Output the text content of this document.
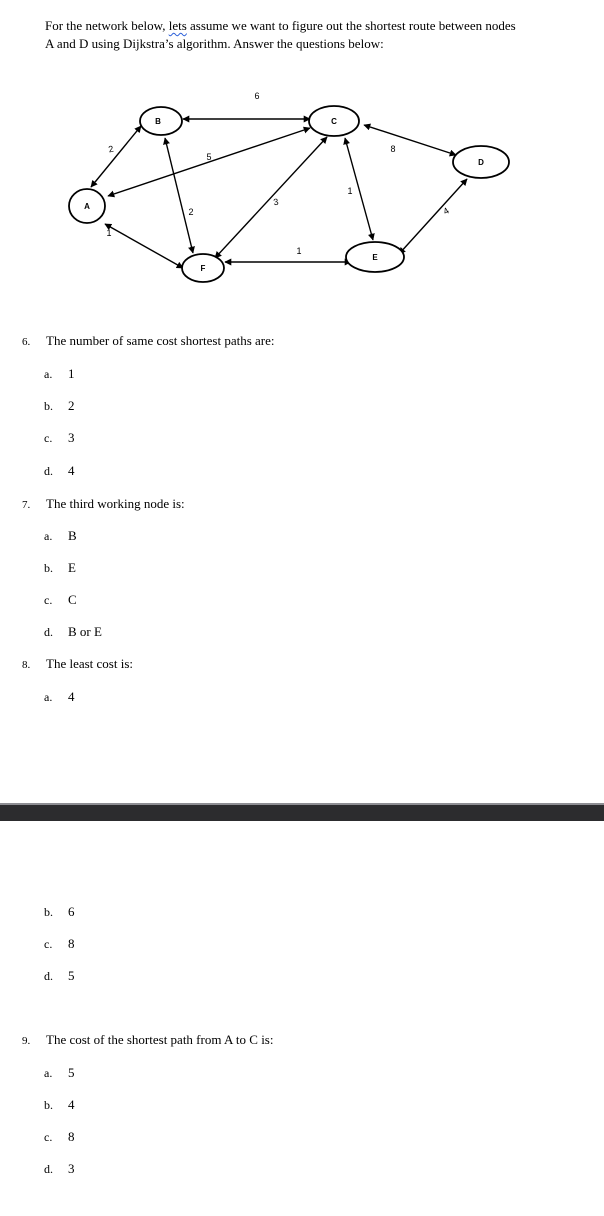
For the network below, lets assume we want to figure out the shortest route between nodes
A and D using Dijkstra’s algorithm. Answer the questions below:
A
B	C
D
E
F
6
2
5
8
1
3
2
1
4
1
6. The number of same cost shortest paths are:
a. 1
b. 2
c. 3
d. 4
7. The third working node is:
a. B
b. E
c. C
d. B or E
8. The least cost is:
a. 4
b. 6
c. 8
d. 5
9. The cost of the shortest path from A to C is:
a. 5
b. 4
c. 8
d. 3
